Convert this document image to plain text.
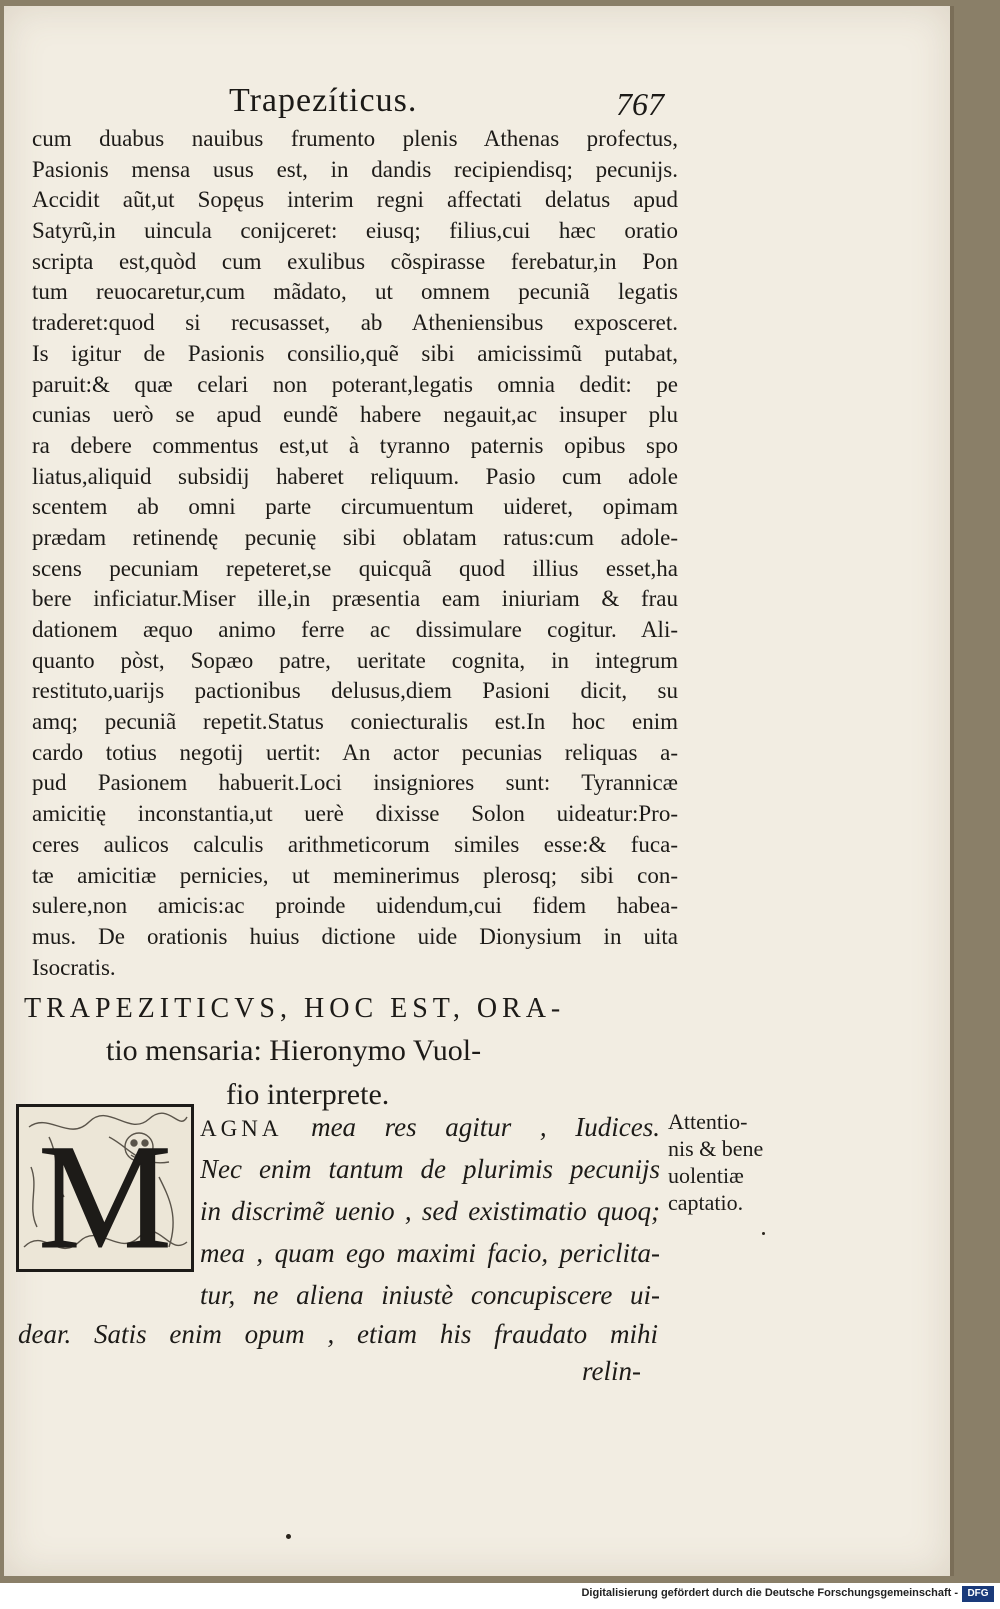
Trapezíticus.	767
cum duabus nauibus frumento plenis Athenas profectus,
Pasionis mensa usus est, in dandis recipiendisq; pecunijs.
Accidit aũt,ut Sopęus interim regni affectati delatus apud
Satyrũ,in uincula conijceret: eiusq; filius,cui hæc oratio
scripta est,quòd cum exulibus cõspirasse ferebatur,in Pon
tum reuocaretur,cum mãdato, ut omnem pecuniã legatis
traderet:quod si recusasset, ab Atheniensibus exposceret.
Is igitur de Pasionis consilio,quẽ sibi amicissimũ putabat,
paruit:& quæ celari non poterant,legatis omnia dedit: pe
cunias uerò se apud eundẽ habere negauit,ac insuper plu
ra debere commentus est,ut à tyranno paternis opibus spo
liatus,aliquid subsidij haberet reliquum. Pasio cum adole
scentem ab omni parte circumuentum uideret, opimam
prædam retinendę pecunię sibi oblatam ratus:cum adole-
scens pecuniam repeteret,se quicquã quod illius esset,ha
bere inficiatur.Miser ille,in præsentia eam iniuriam & frau
dationem æquo animo ferre ac dissimulare cogitur. Ali-
quanto pòst, Sopæo patre, ueritate cognita, in integrum
restituto,uarijs pactionibus delusus,diem Pasioni dicit, su
amq; pecuniã repetit.Status coniecturalis est.In hoc enim
cardo totius negotij uertit: An actor pecunias reliquas a-
pud Pasionem habuerit.Loci insigniores sunt: Tyrannicæ
amicitię inconstantia,ut uerè dixisse Solon uideatur:Pro-
ceres aulicos calculis arithmeticorum similes esse:& fuca-
tæ amicitiæ pernicies, ut meminerimus plerosq; sibi con-
sulere,non amicis:ac proinde uidendum,cui fidem habea-
mus. De orationis huius dictione uide Dionysium in uita
Isocratis.
TRAPEZITICVS, HOC EST, ORA-
tio mensaria: Hieronymo Vuol-
fio interprete.
M AGNA mea res agitur , Iudices.
Nec enim tantum de plurimis pecunijs
in discrimẽ uenio , sed existimatio quoq;
mea , quam ego maximi facio, periclita-
tur, ne aliena iniustè concupiscere ui-
dear. Satis enim opum , etiam his fraudato mihi
relin-
Attentio-
nis & bene
uolentiæ
captatio.
Digitalisierung gefördert durch die Deutsche Forschungsgemeinschaft - DFG
